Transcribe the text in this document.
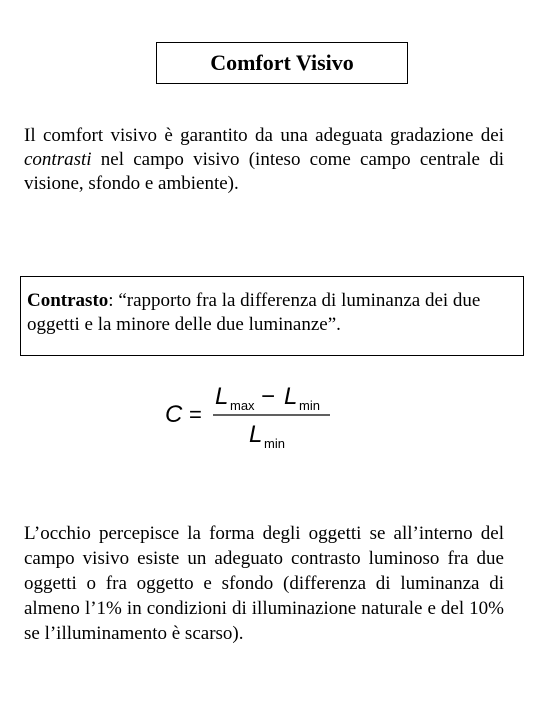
Comfort Visivo
Il comfort visivo è garantito da una adeguata gradazione dei contrasti nel campo visivo (inteso come campo centrale di visione, sfondo e ambiente).
Contrasto: “rapporto fra la differenza di luminanza dei due oggetti e la minore delle due luminanze”.
C =
L max − L min
L min
L’occhio percepisce la forma degli oggetti se all’interno del campo visivo esiste un adeguato contrasto luminoso fra due oggetti o fra oggetto e sfondo (differenza di luminanza di almeno l’1% in condizioni di illuminazione naturale e del 10% se l’illuminamento è scarso).
